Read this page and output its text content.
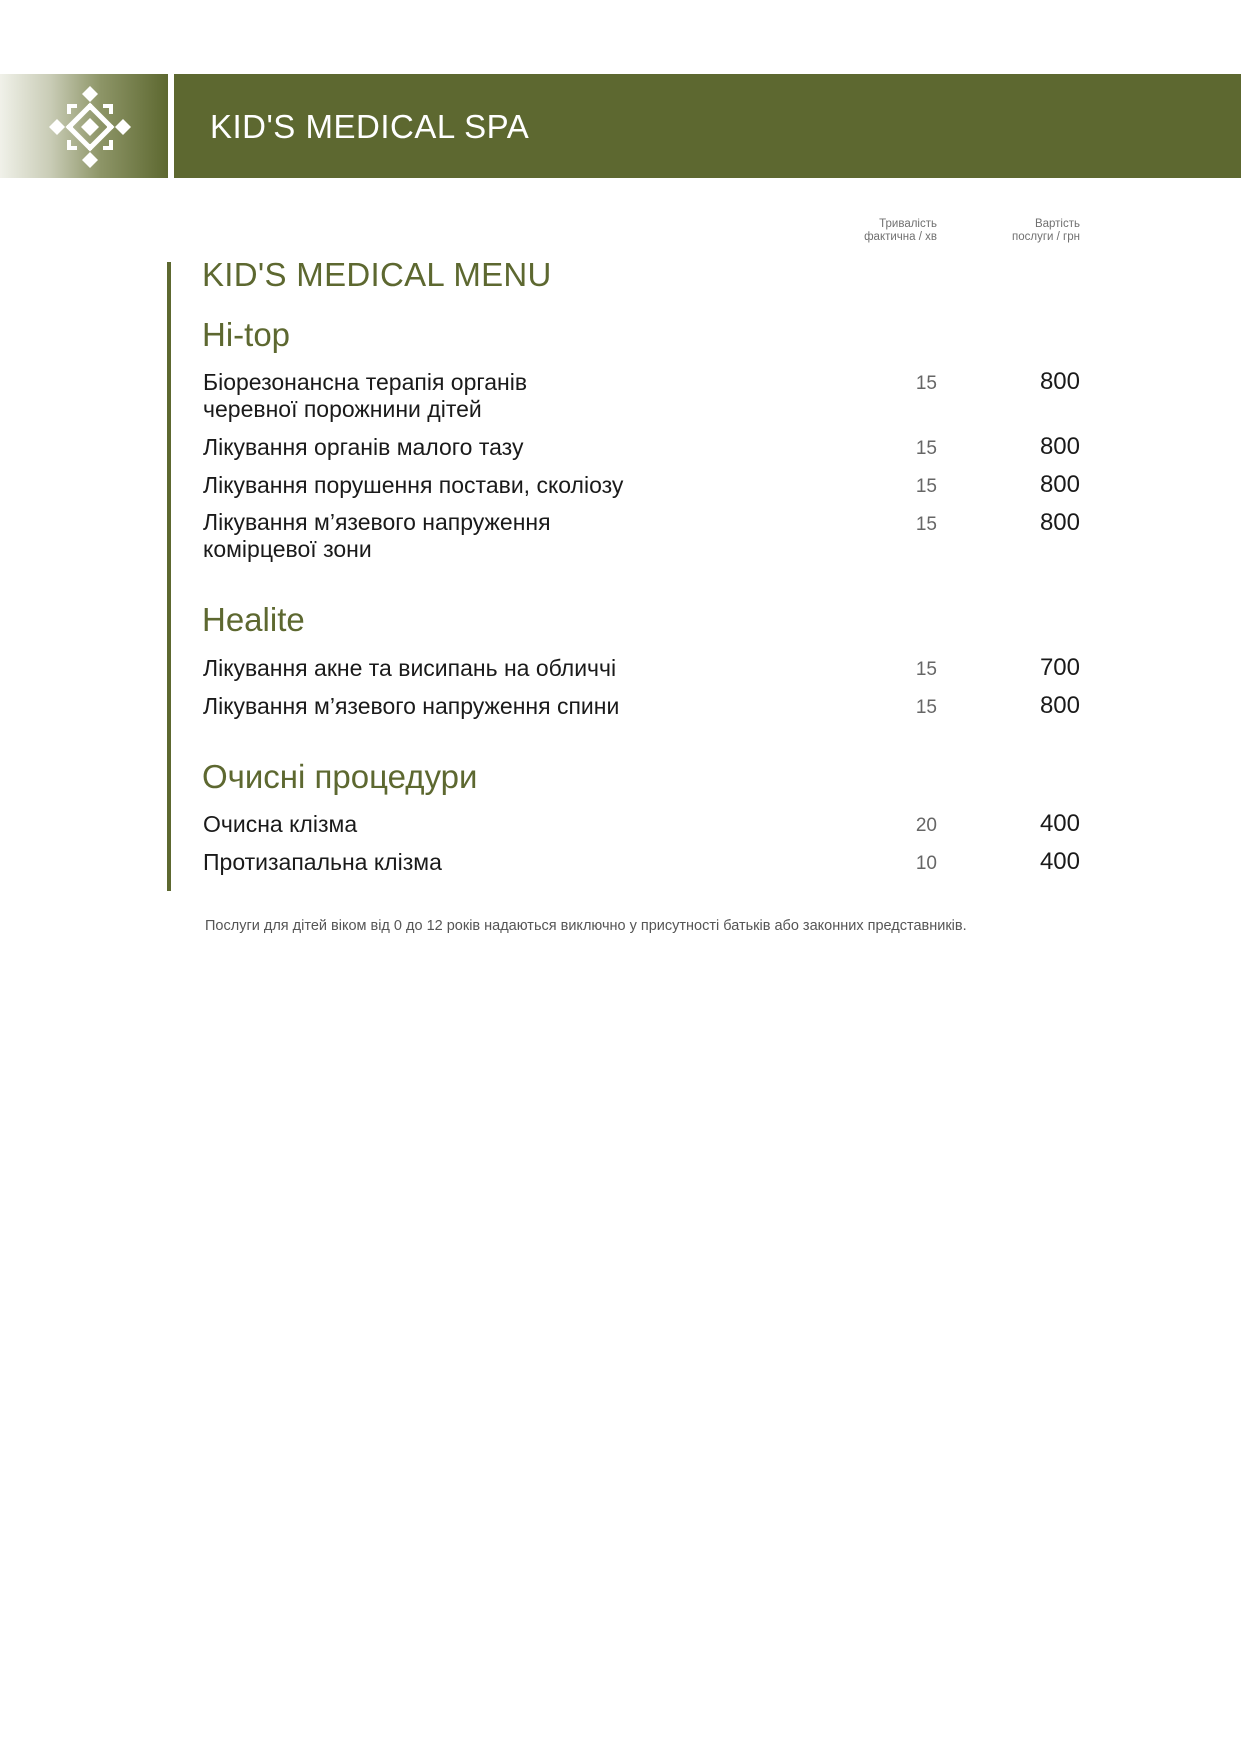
KID'S MEDICAL SPA
Тривалість
фактична / хв
Вартість
послуги / грн
KID'S MEDICAL MENU
Hi-top
Біорезонансна терапія органів
черевної порожнини дітей
15	800
Лікування органів малого тазу	15	800
Лікування порушення постави, сколіозу	15	800
Лікування м’язевого напруження
комірцевої зони
15	800
Healite
Лікування акне та висипань на обличчі	15	700
Лікування м’язевого напруження спини	15	800
Очисні процедури
Очисна клізма	20	400
Протизапальна клізма	10	400
Послуги для дітей віком від 0 до 12 років надаються виключно у присутності батьків або законних представників.
